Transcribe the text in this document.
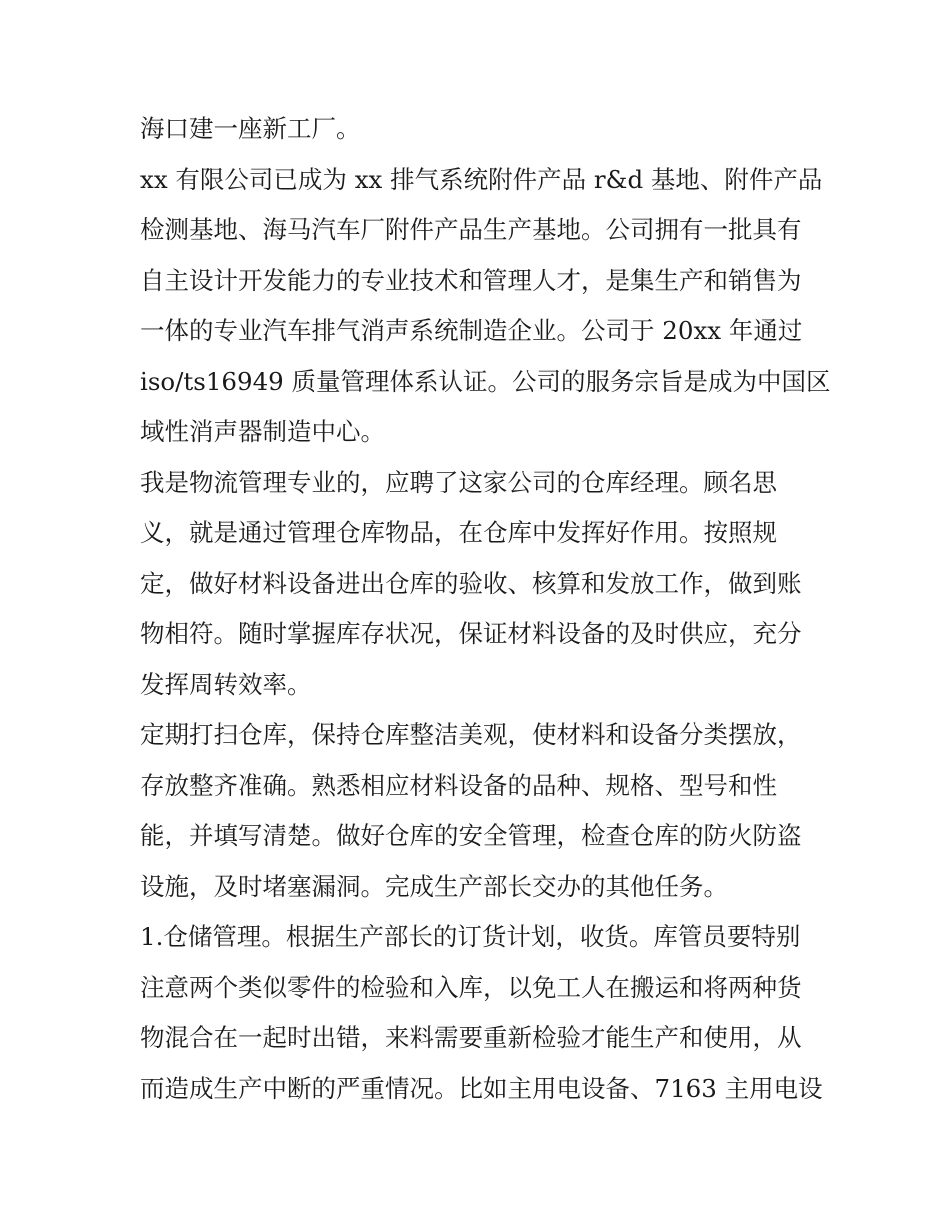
海口建一座新工厂。
xx 有限公司已成为 xx 排气系统附件产品 r&d 基地、附件产品
检测基地、海马汽车厂附件产品生产基地。公司拥有一批具有
自主设计开发能力的专业技术和管理人才，是集生产和销售为
一体的专业汽车排气消声系统制造企业。公司于 20xx 年通过
iso/ts16949 质量管理体系认证。公司的服务宗旨是成为中国区
域性消声器制造中心。
我是物流管理专业的，应聘了这家公司的仓库经理。顾名思
义，就是通过管理仓库物品，在仓库中发挥好作用。按照规
定，做好材料设备进出仓库的验收、核算和发放工作，做到账
物相符。随时掌握库存状况，保证材料设备的及时供应，充分
发挥周转效率。
定期打扫仓库，保持仓库整洁美观，使材料和设备分类摆放，
存放整齐准确。熟悉相应材料设备的品种、规格、型号和性
能，并填写清楚。做好仓库的安全管理，检查仓库的防火防盗
设施，及时堵塞漏洞。完成生产部长交办的其他任务。
1.仓储管理。根据生产部长的订货计划，收货。库管员要特别
注意两个类似零件的检验和入库，以免工人在搬运和将两种货
物混合在一起时出错，来料需要重新检验才能生产和使用，从
而造成生产中断的严重情况。比如主用电设备、7163 主用电设
